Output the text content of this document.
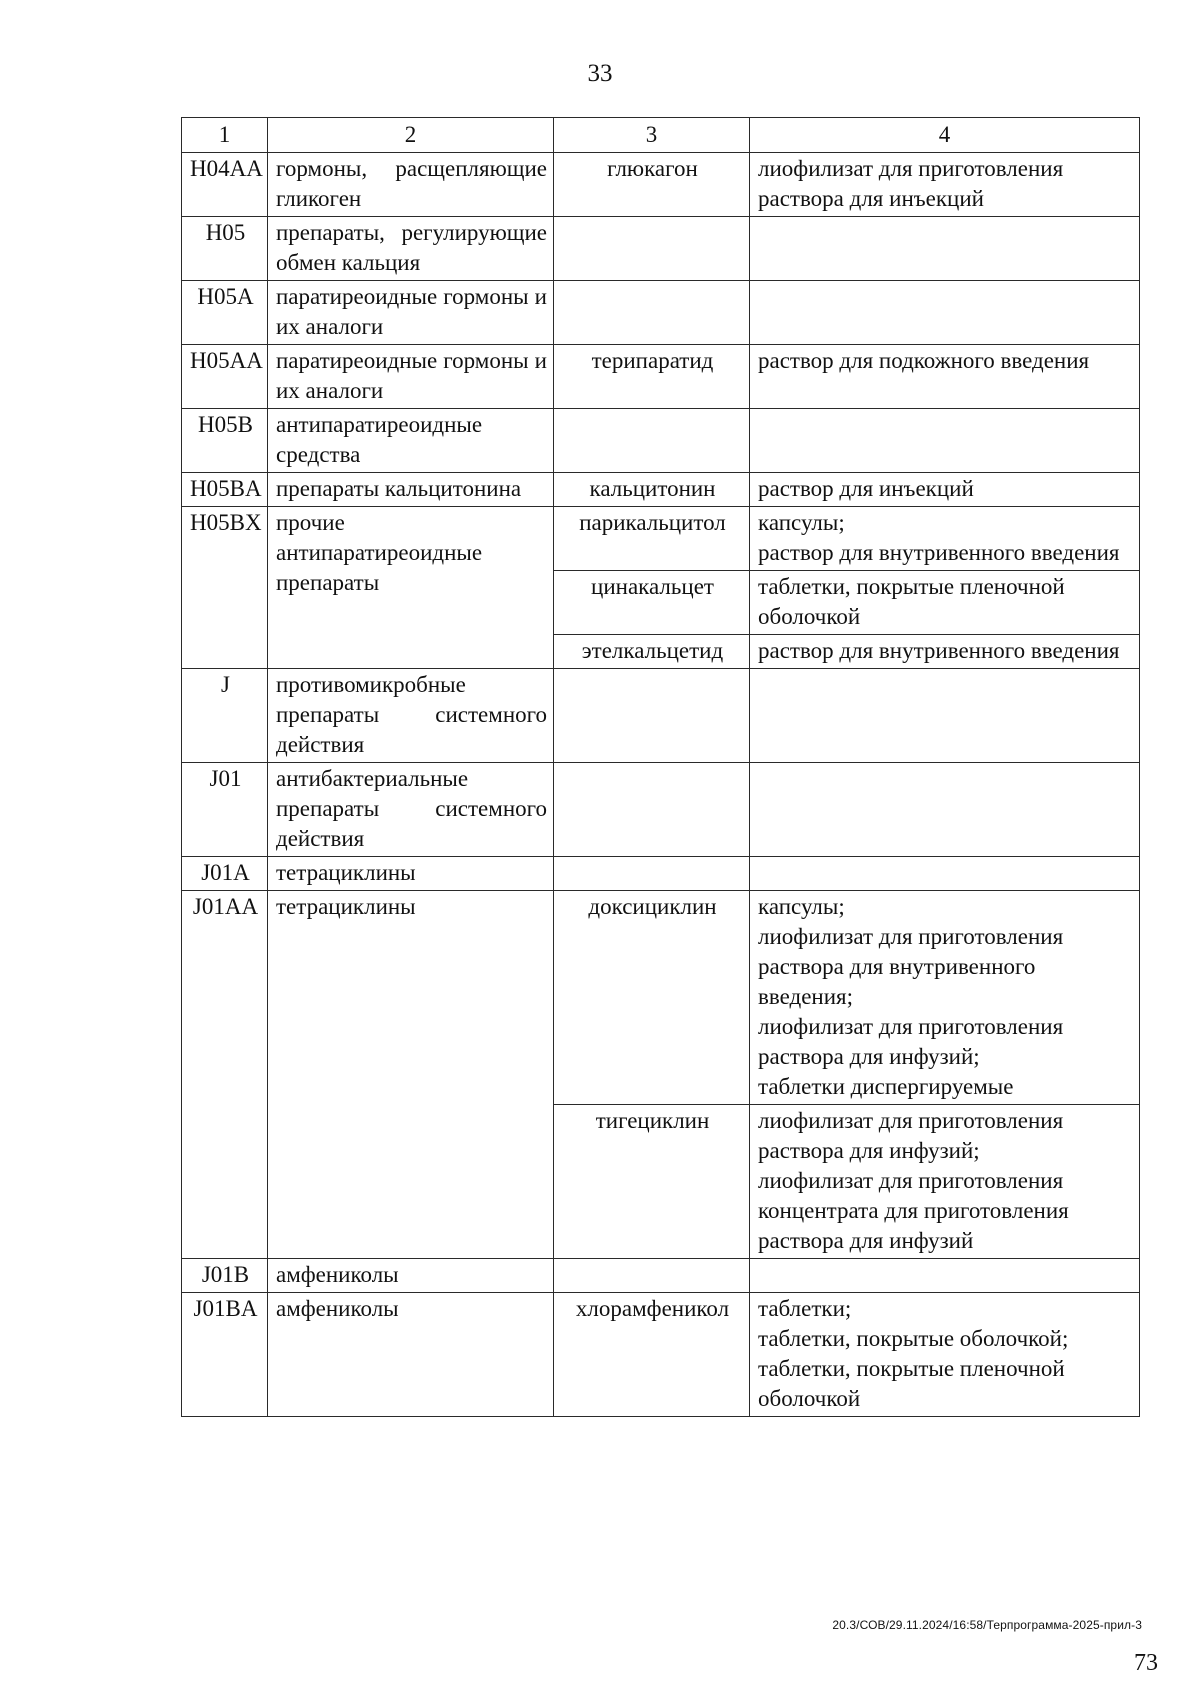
33
1	2	3	4
H04AA	гормоны, расщепляющие гликоген	глюкагон	лиофилизат для приготовления раствора для инъекций

H05	препараты, регулирующие обмен кальция		
H05A	паратиреоидные гормоны и их аналоги		
H05AA	паратиреоидные гормоны и их аналоги	терипаратид	раствор для подкожного введения

H05B	антипаратиреоидные средства		
H05BA	препараты кальцитонина	кальцитонин	раствор для инъекций

H05BX	прочие антипаратиреоидные препараты	парикальцитол	капсулы;
раствор для внутривенного введения

		цинакальцет	таблетки, покрытые пленочной оболочкой

		этелкальцетид	раствор для внутривенного введения

J	противомикробные препараты системного действия		
J01	антибактериальные препараты системного действия		
J01A	тетрациклины		
J01AA	тетрациклины	доксициклин	капсулы;
лиофилизат для приготовления раствора для внутривенного введения;
лиофилизат для приготовления раствора для инфузий;
таблетки диспергируемые

		тигециклин	лиофилизат для приготовления раствора для инфузий;
лиофилизат для приготовления концентрата для приготовления раствора для инфузий

J01B	амфениколы		
J01BA	амфениколы	хлорамфеникол	таблетки;
таблетки, покрытые оболочкой;
таблетки, покрытые пленочной оболочкой
20.3/СОВ/29.11.2024/16:58/Терпрограмма-2025-прил-3
73
